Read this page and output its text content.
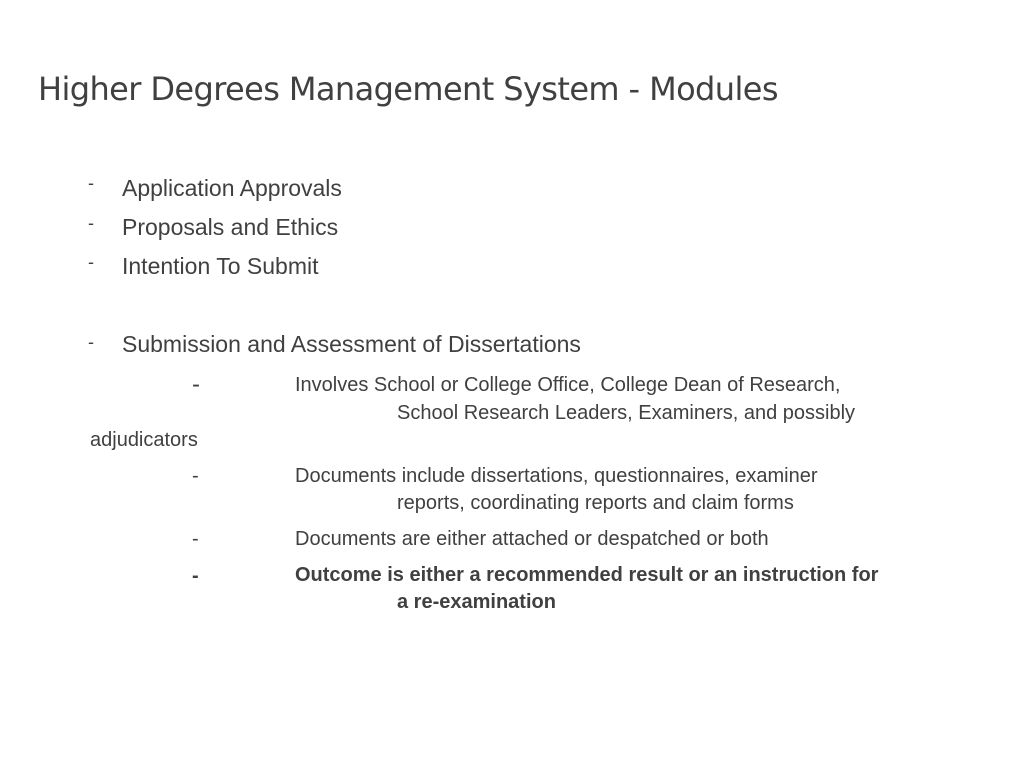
Higher Degrees Management System - Modules
- Application Approvals
- Proposals and Ethics
- Intention To Submit
- Submission and Assessment of Dissertations
-	Involves School or College Office, College Dean of Research,
School Research Leaders, Examiners, and possibly
adjudicators
-	Documents include dissertations, questionnaires, examiner
reports, coordinating reports and claim forms
-	Documents are either attached or despatched or both
-	Outcome is either a recommended result or an instruction for
a re-examination
